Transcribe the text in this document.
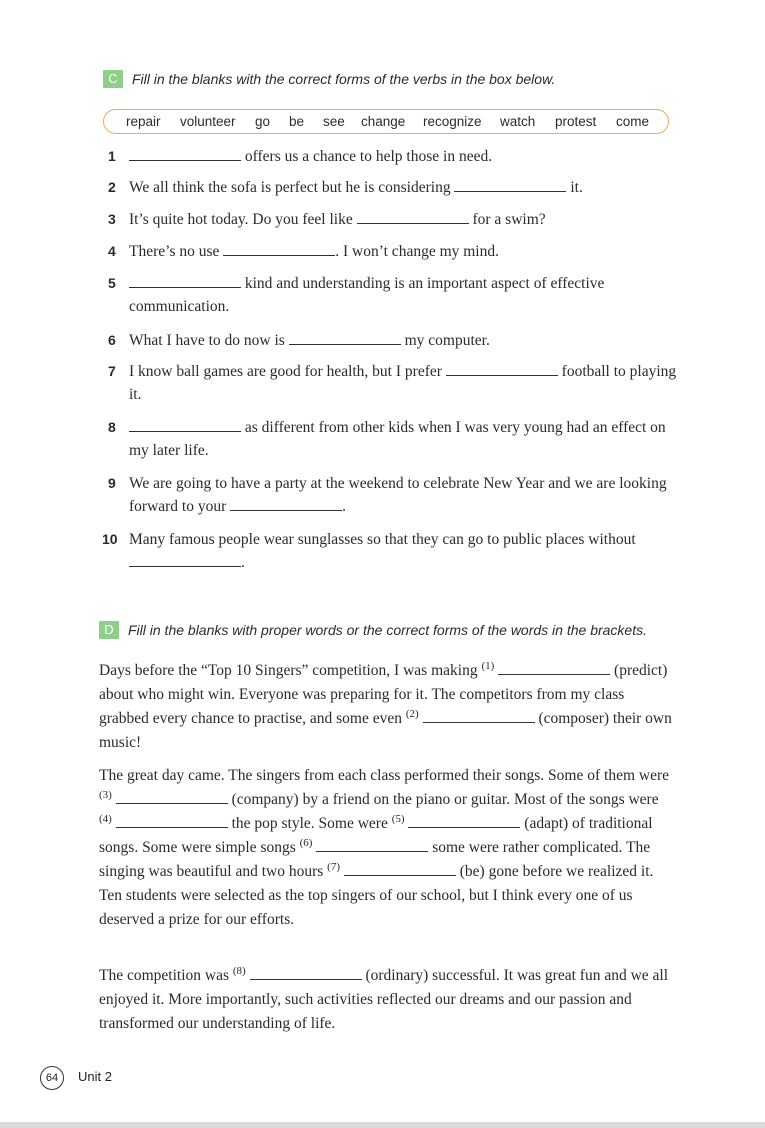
C	Fill in the blanks with the correct forms of the verbs in the box below.
repair volunteer go be see change recognize watch protest come
1	offers us a chance to help those in need.
2 We all think the sofa is perfect but he is considering	it.
3 It’s quite hot today. Do you feel like	for a swim?
4 There’s no use	. I won’t change my mind.
5	kind and understanding is an important aspect of effective communication.
6 What I have to do now is	my computer.
7 I know ball games are good for health, but I prefer	football to playing it.
8	as different from other kids when I was very young had an effect on my later life.
9 We are going to have a party at the weekend to celebrate New Year and we are looking forward to your	.
10 Many famous people wear sunglasses so that they can go to public places without .
D	Fill in the blanks with proper words or the correct forms of the words in the brackets.
Days before the “Top 10 Singers” competition, I was making $^{(1)}$	(predict) about who might win. Everyone was preparing for it. The competitors from my class grabbed every chance to practise, and some even $^{(2)}$	(composer) their own music!
The great day came. The singers from each class performed their songs. Some of them were $^{(3)}$	(company) by a friend on the piano or guitar. Most of the songs were $^{(4)}$	the pop style. Some were $^{(5)}$	(adapt) of traditional songs. Some were simple songs $^{(6)}$	some were rather complicated. The singing was beautiful and two hours $^{(7)}$	(be) gone before we realized it. Ten students were selected as the top singers of our school, but I think every one of us deserved a prize for our efforts.
The competition was $^{(8)}$	(ordinary) successful. It was great fun and we all enjoyed it. More importantly, such activities reflected our dreams and our passion and transformed our understanding of life.
64	Unit 2
